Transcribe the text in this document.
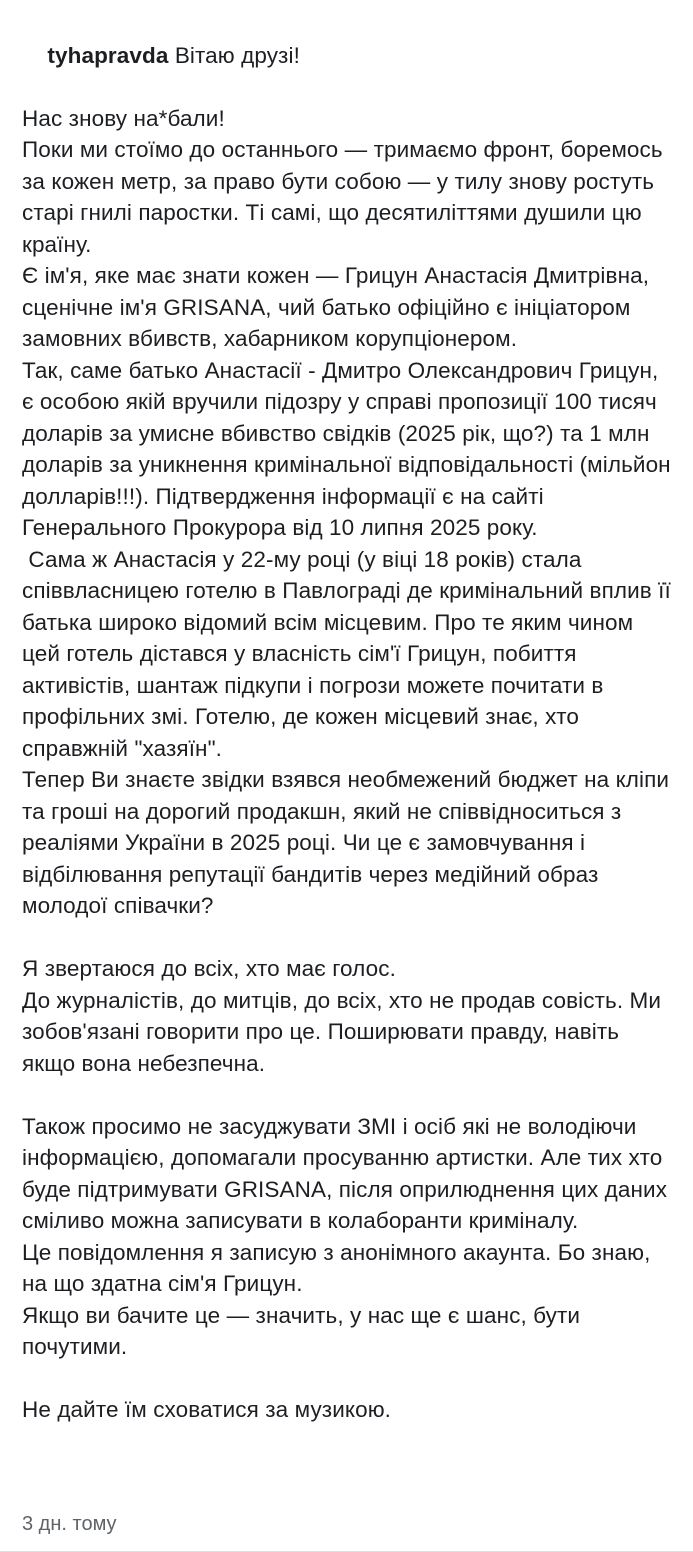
tyhapravda Вітаю друзі!

Нас знову на*бали!
Поки ми стоїмо до останнього — тримаємо фронт, боремось за кожен метр, за право бути собою — у тилу знову ростуть старі гнилі паростки. Ті самі, що десятиліттями душили цю країну.
Є ім'я, яке має знати кожен — Грицун Анастасія Дмитрівна, сценічне ім'я GRISANA, чий батько офіційно є ініціатором замовних вбивств, хабарником корупціонером.
Так, саме батько Анастасії - Дмитро Олександрович Грицун, є особою якій вручили підозру у справі пропозиції 100 тисяч доларів за умисне вбивство свідків (2025 рік, що?) та 1 млн доларів за уникнення кримінальної відповідальності (мільйон долларів!!!). Підтвердження інформації є на сайті Генерального Прокурора від 10 липня 2025 року.
Сама ж Анастасія у 22-му році (у віці 18 років) стала співвласницею готелю в Павлограді де кримінальний вплив її батька широко відомий всім місцевим. Про те яким чином цей готель дістався у власність сім'ї Грицун, побиття активістів, шантаж підкупи і погрози можете почитати в профільних змі. Готелю, де кожен місцевий знає, хто справжній "хазяїн".
Тепер Ви знаєте звідки взявся необмежений бюджет на кліпи та гроші на дорогий продакшн, який не співвідноситься з реаліями України в 2025 році. Чи це є замовчування і відбілювання репутації бандитів через медійний образ молодої співачки?
Я звертаюся до всіх, хто має голос.
До журналістів, до митців, до всіх, хто не продав совість. Ми зобов'язані говорити про це. Поширювати правду, навіть якщо вона небезпечна.
Також просимо не засуджувати ЗМІ і осіб які не володіючи інформацією, допомагали просуванню артистки. Але тих хто буде підтримувати GRISANA, після оприлюднення цих даних смiливо можна записувати в колаборанти кримiналу.
Це повідомлення я записую з анонімного акаунта. Бо знаю, на що здатна сім'я Грицун.
Якщо ви бачите це — значить, у нас ще є шанс, бути почутими.
Не дайте їм сховатися за музикою.

3 дн. тому
